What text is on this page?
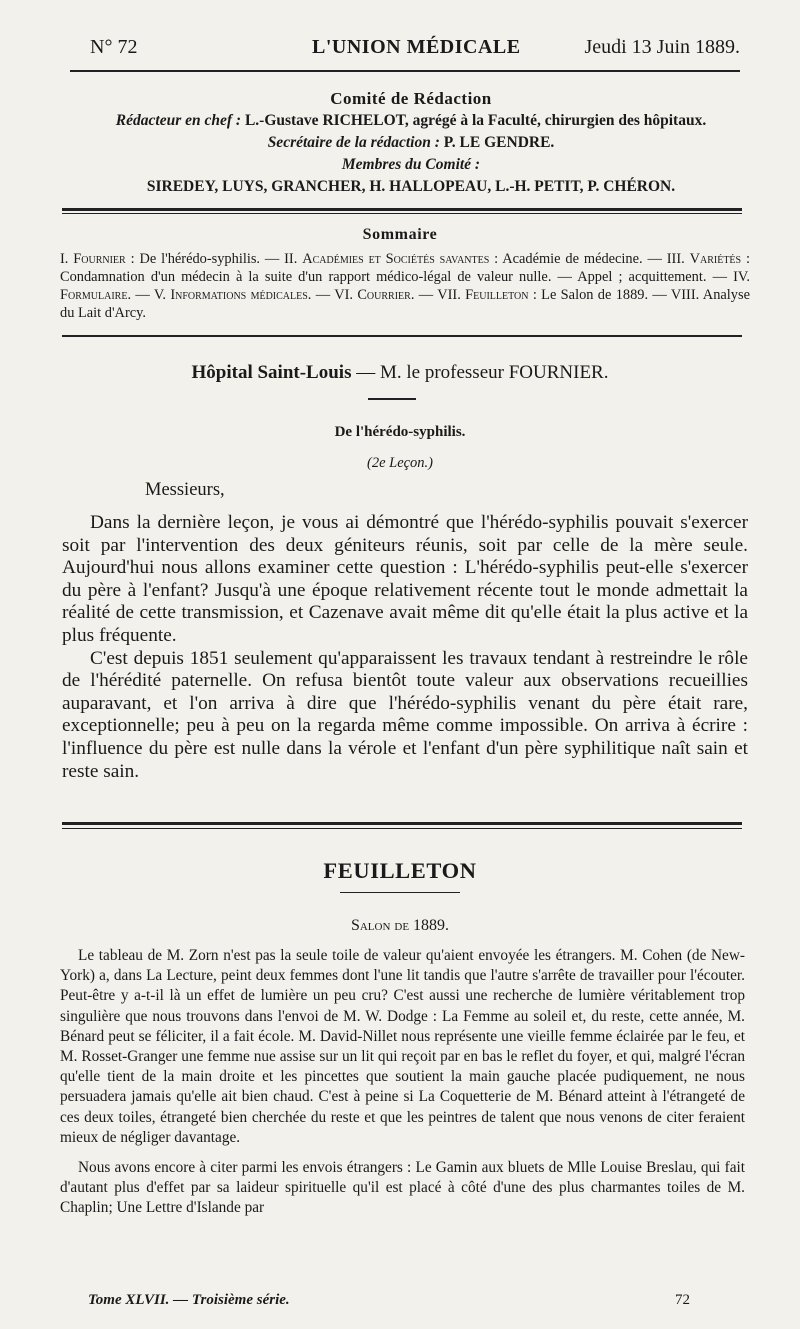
N° 72	L'UNION MÉDICALE	Jeudi 13 Juin 1889.
Comité de Rédaction
Rédacteur en chef : L.-Gustave RICHELOT, agrégé à la Faculté, chirurgien des hôpitaux.
Secrétaire de la rédaction : P. LE GENDRE.
Membres du Comité :
SIREDEY, LUYS, GRANCHER, H. HALLOPEAU, L.-H. PETIT, P. CHÉRON.
Sommaire
I. Fournier : De l'hérédo-syphilis. — II. Académies et Sociétés savantes : Académie de médecine. — III. Variétés : Condamnation d'un médecin à la suite d'un rapport médico-légal de valeur nulle. — Appel ; acquittement. — IV. Formulaire. — V. Informations médicales. — VI. Courrier. — VII. Feuilleton : Le Salon de 1889. — VIII. Analyse du Lait d'Arcy.
Hôpital Saint-Louis — M. le professeur FOURNIER.
De l'hérédo-syphilis.
(2e Leçon.)
Messieurs,

Dans la dernière leçon, je vous ai démontré que l'hérédo-syphilis pouvait s'exercer soit par l'intervention des deux géniteurs réunis, soit par celle de la mère seule. Aujourd'hui nous allons examiner cette question : L'hérédo-syphilis peut-elle s'exercer du père à l'enfant? Jusqu'à une époque relativement récente tout le monde admettait la réalité de cette transmission, et Cazenave avait même dit qu'elle était la plus active et la plus fréquente.

C'est depuis 1851 seulement qu'apparaissent les travaux tendant à restreindre le rôle de l'hérédité paternelle. On refusa bientôt toute valeur aux observations recueillies auparavant, et l'on arriva à dire que l'hérédo-syphilis venant du père était rare, exceptionnelle; peu à peu on la regarda même comme impossible. On arriva à écrire : l'influence du père est nulle dans la vérole et l'enfant d'un père syphilitique naît sain et reste sain.

FEUILLETON
Salon de 1889.

Le tableau de M. Zorn n'est pas la seule toile de valeur qu'aient envoyée les étrangers. M. Cohen (de New-York) a, dans La Lecture, peint deux femmes dont l'une lit tandis que l'autre s'arrête de travailler pour l'écouter. Peut-être y a-t-il là un effet de lumière un peu cru? C'est aussi une recherche de lumière véritablement trop singulière que nous trouvons dans l'envoi de M. W. Dodge : La Femme au soleil et, du reste, cette année, M. Bénard peut se féliciter, il a fait école. M. David-Nillet nous représente une vieille femme éclairée par le feu, et M. Rosset-Granger une femme nue assise sur un lit qui reçoit par en bas le reflet du foyer, et qui, malgré l'écran qu'elle tient de la main droite et les pincettes que soutient la main gauche placée pudiquement, ne nous persuadera jamais qu'elle ait bien chaud. C'est à peine si La Coquetterie de M. Bénard atteint à l'étrangeté de ces deux toiles, étrangeté bien cherchée du reste et que les peintres de talent que nous venons de citer feraient mieux de négliger davantage.

Nous avons encore à citer parmi les envois étrangers : Le Gamin aux bluets de Mlle Louise Breslau, qui fait d'autant plus d'effet par sa laideur spirituelle qu'il est placé à côté d'une des plus charmantes toiles de M. Chaplin; Une Lettre d'Islande par

Tome XLVII. — Troisième série.	72
